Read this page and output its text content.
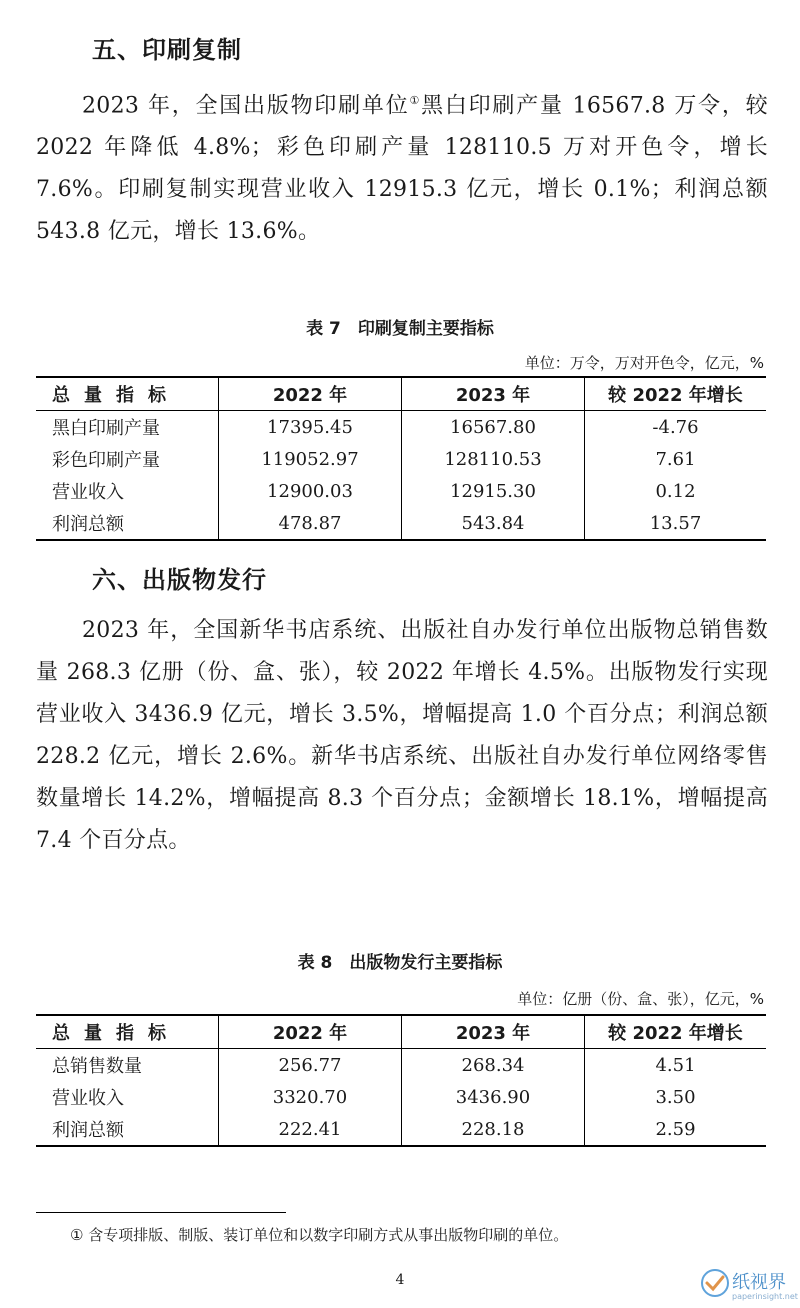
五、印刷复制

2023 年，全国出版物印刷单位①黑白印刷产量 16567.8 万令，较 2022 年降低 4.8%；彩色印刷产量 128110.5 万对开色令，增长 7.6%。印刷复制实现营业收入 12915.3 亿元，增长 0.1%；利润总额 543.8 亿元，增长 13.6%。

表 7　印刷复制主要指标
单位：万令，万对开色令，亿元，%
总量指标	2022 年	2023 年	较 2022 年增长
黑白印刷产量	17395.45	16567.80	-4.76
彩色印刷产量	119052.97	128110.53	7.61
营业收入	12900.03	12915.30	0.12
利润总额	478.87	543.84	13.57
六、出版物发行

2023 年，全国新华书店系统、出版社自办发行单位出版物总销售数量 268.3 亿册（份、盒、张），较 2022 年增长 4.5%。出版物发行实现营业收入 3436.9 亿元，增长 3.5%，增幅提高 1.0 个百分点；利润总额 228.2 亿元，增长 2.6%。新华书店系统、出版社自办发行单位网络零售数量增长 14.2%，增幅提高 8.3 个百分点；金额增长 18.1%，增幅提高 7.4 个百分点。

表 8　出版物发行主要指标
单位：亿册（份、盒、张），亿元，%
总量指标	2022 年	2023 年	较 2022 年增长
总销售数量	256.77	268.34	4.51
营业收入	3320.70	3436.90	3.50
利润总额	222.41	228.18	2.59
① 含专项排版、制版、装订单位和以数字印刷方式从事出版物印刷的单位。
4	纸视界
paperinsight.net
